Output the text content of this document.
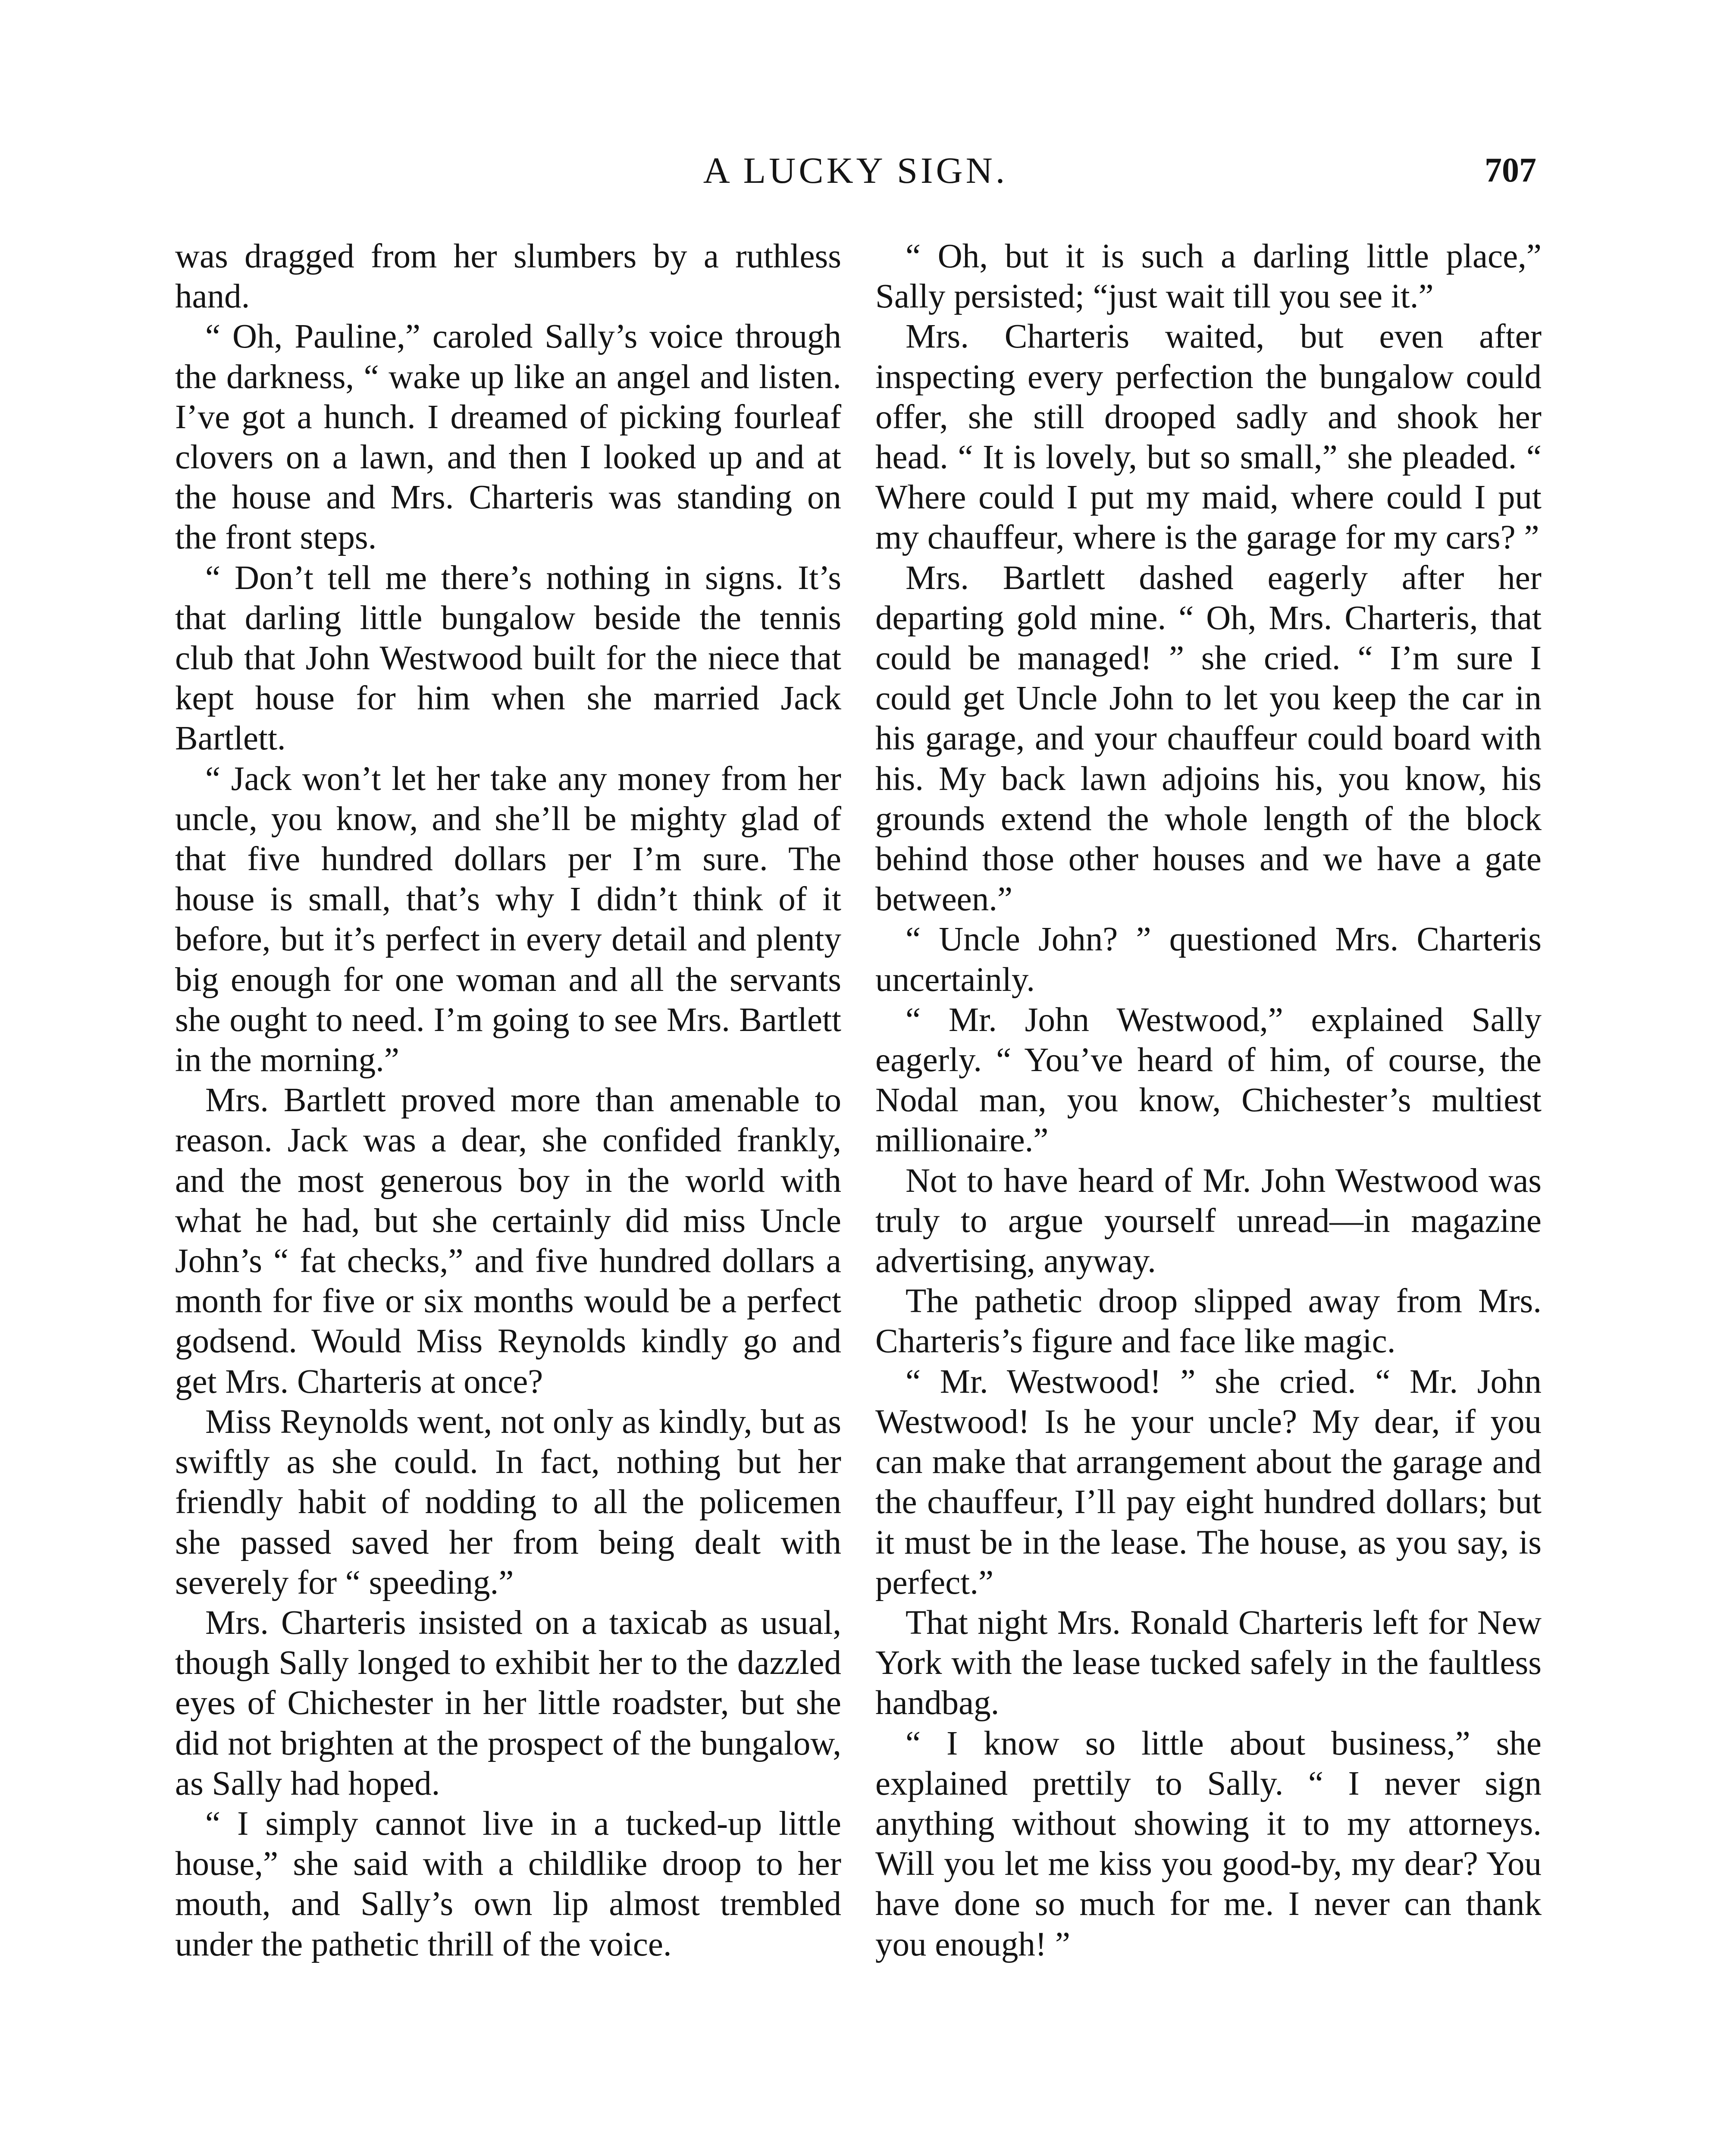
A LUCKY SIGN.	707

was dragged from her slumbers by a ruthless hand.

“ Oh, Pauline,” caroled Sally’s voice through the darkness, “ wake up like an angel and listen. I’ve got a hunch. I dreamed of picking fourleaf clovers on a lawn, and then I looked up and at the house and Mrs. Charteris was standing on the front steps.

“ Don’t tell me there’s nothing in signs. It’s that darling little bungalow beside the tennis club that John Westwood built for the niece that kept house for him when she married Jack Bartlett.

“ Jack won’t let her take any money from her uncle, you know, and she’ll be mighty glad of that five hundred dollars per I’m sure. The house is small, that’s why I didn’t think of it before, but it’s perfect in every detail and plenty big enough for one woman and all the servants she ought to need. I’m going to see Mrs. Bartlett in the morning.”

Mrs. Bartlett proved more than amenable to reason. Jack was a dear, she confided frankly, and the most generous boy in the world with what he had, but she certainly did miss Uncle John’s “ fat checks,” and five hundred dollars a month for five or six months would be a perfect godsend. Would Miss Reynolds kindly go and get Mrs. Charteris at once?

Miss Reynolds went, not only as kindly, but as swiftly as she could. In fact, nothing but her friendly habit of nodding to all the policemen she passed saved her from being dealt with severely for “ speeding.”

Mrs. Charteris insisted on a taxicab as usual, though Sally longed to exhibit her to the dazzled eyes of Chichester in her little roadster, but she did not brighten at the prospect of the bungalow, as Sally had hoped.

“ I simply cannot live in a tucked-up little house,” she said with a childlike droop to her mouth, and Sally’s own lip almost trembled under the pathetic thrill of the voice.

“ Oh, but it is such a darling little place,” Sally persisted; “just wait till you see it.”

Mrs. Charteris waited, but even after inspecting every perfection the bungalow could offer, she still drooped sadly and shook her head. “ It is lovely, but so small,” she pleaded. “ Where could I put my maid, where could I put my chauffeur, where is the garage for my cars? ”

Mrs. Bartlett dashed eagerly after her departing gold mine. “ Oh, Mrs. Charteris, that could be managed! ” she cried. “ I’m sure I could get Uncle John to let you keep the car in his garage, and your chauffeur could board with his. My back lawn adjoins his, you know, his grounds extend the whole length of the block behind those other houses and we have a gate between.”

“ Uncle John? ” questioned Mrs. Charteris uncertainly.

“ Mr. John Westwood,” explained Sally eagerly. “ You’ve heard of him, of course, the Nodal man, you know, Chichester’s multiest millionaire.”

Not to have heard of Mr. John Westwood was truly to argue yourself unread—in magazine advertising, anyway.

The pathetic droop slipped away from Mrs. Charteris’s figure and face like magic.

“ Mr. Westwood! ” she cried. “ Mr. John Westwood! Is he your uncle? My dear, if you can make that arrangement about the garage and the chauffeur, I’ll pay eight hundred dollars; but it must be in the lease. The house, as you say, is perfect.”

That night Mrs. Ronald Charteris left for New York with the lease tucked safely in the faultless handbag.

“ I know so little about business,” she explained prettily to Sally. “ I never sign anything without showing it to my attorneys. Will you let me kiss you good-by, my dear? You have done so much for me. I never can thank you enough! ”
